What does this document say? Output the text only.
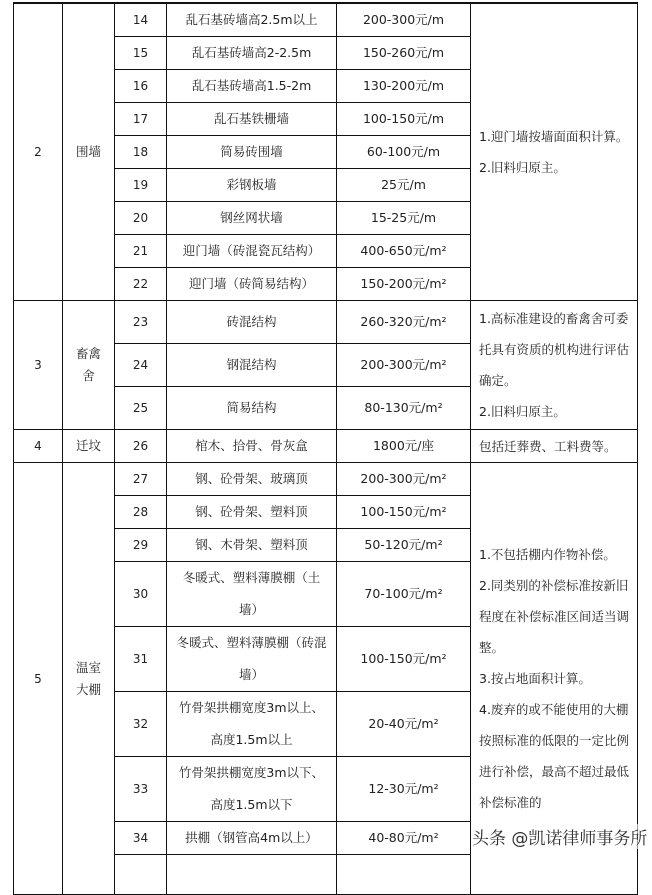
2	围墙	14	乱石基砖墙高2.5m以上	200-300元/m	1.迎门墙按墙面面积计算。
2.旧料归原主。

		15	乱石基砖墙高2-2.5m	150-260元/m	
		16	乱石基砖墙高1.5-2m	130-200元/m	
		17	乱石基铁栅墙	100-150元/m	
		18	简易砖围墙	60-100元/m	
		19	彩钢板墙	25元/m	
		20	钢丝网状墙	15-25元/m	
		21	迎门墙（砖混瓷瓦结构）	400-650元/m²	
		22	迎门墙（砖简易结构）	150-200元/m²	
3	畜禽舍	23	砖混结构	260-320元/m²	1.高标准建设的畜禽舍可委托具有资质的机构进行评估确定。
2.旧料归原主。

		24	钢混结构	200-300元/m²	
		25	简易结构	80-130元/m²	
4	迁坟	26	棺木、拾骨、骨灰盒	1800元/座	包括迁葬费、工料费等。
5	温室大棚	27	钢、砼骨架、玻璃顶	200-300元/m²	1.不包括棚内作物补偿。
2.同类别的补偿标准按新旧程度在补偿标准区间适当调整。
3.按占地面积计算。
4.废弃的或不能使用的大棚按照标准的低限的一定比例进行补偿，最高不超过最低补偿标准的

		28	钢、砼骨架、塑料顶	100-150元/m²	
		29	钢、木骨架、塑料顶	50-120元/m²	
		30	冬暖式、塑料薄膜棚（土墙）	70-100元/m²	
		31	冬暖式、塑料薄膜棚（砖混墙）	100-150元/m²	
		32	竹骨架拱棚宽度3m以上、高度1.5m以上	20-40元/m²	
		33	竹骨架拱棚宽度3m以下、高度1.5m以下	12-30元/m²	
		34	拱棚（钢管高4m以上）	40-80元/m²	
		头条 @凯诺律师事务所
